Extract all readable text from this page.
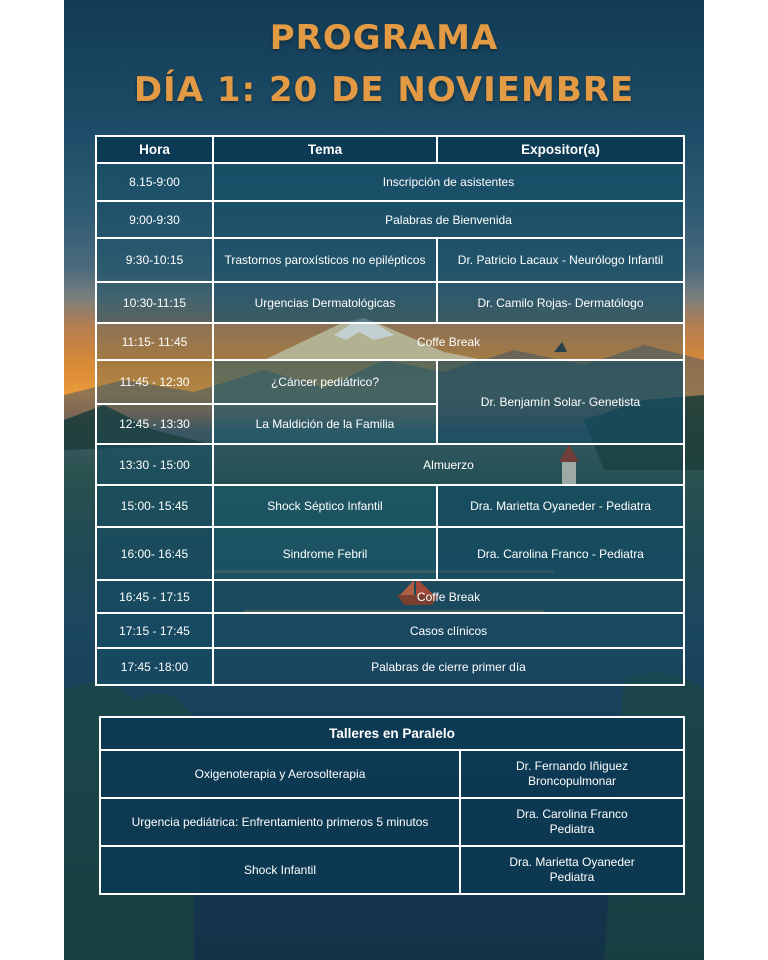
PROGRAMA
DÍA 1: 20 DE NOVIEMBRE
Hora	Tema	Expositor(a)
8.15-9:00	Inscripción de asistentes	
9:00-9:30	Palabras de Bienvenida	
9:30-10:15	Trastornos paroxísticos no epilépticos	Dr. Patricio Lacaux - Neurólogo Infantil
10:30-11:15	Urgencias Dermatológicas	Dr. Camilo Rojas- Dermatólogo
11:15- 11:45	Coffe Break	
11:45 - 12:30	¿Cáncer pediátrico?	Dr. Benjamín Solar- Genetista
12:45 - 13:30	La Maldición de la Familia	
13:30 - 15:00	Almuerzo	
15:00- 15:45	Shock Séptico Infantil	Dra. Marietta Oyaneder - Pediatra
16:00- 16:45	Sindrome Febril	Dra. Carolina Franco - Pediatra
16:45 - 17:15	Coffe Break	
17:15 - 17:45	Casos clínicos	
17:45 -18:00	Palabras de cierre primer día	
Talleres en Paralelo	
Oxigenoterapia y Aerosolterapia	Dr. Fernando Iñiguez
Broncopulmonar

Urgencia pediátrica: Enfrentamiento primeros 5 minutos	Dra. Carolina Franco
Pediatra

Shock Infantil	Dra. Marietta Oyaneder
Pediatra
